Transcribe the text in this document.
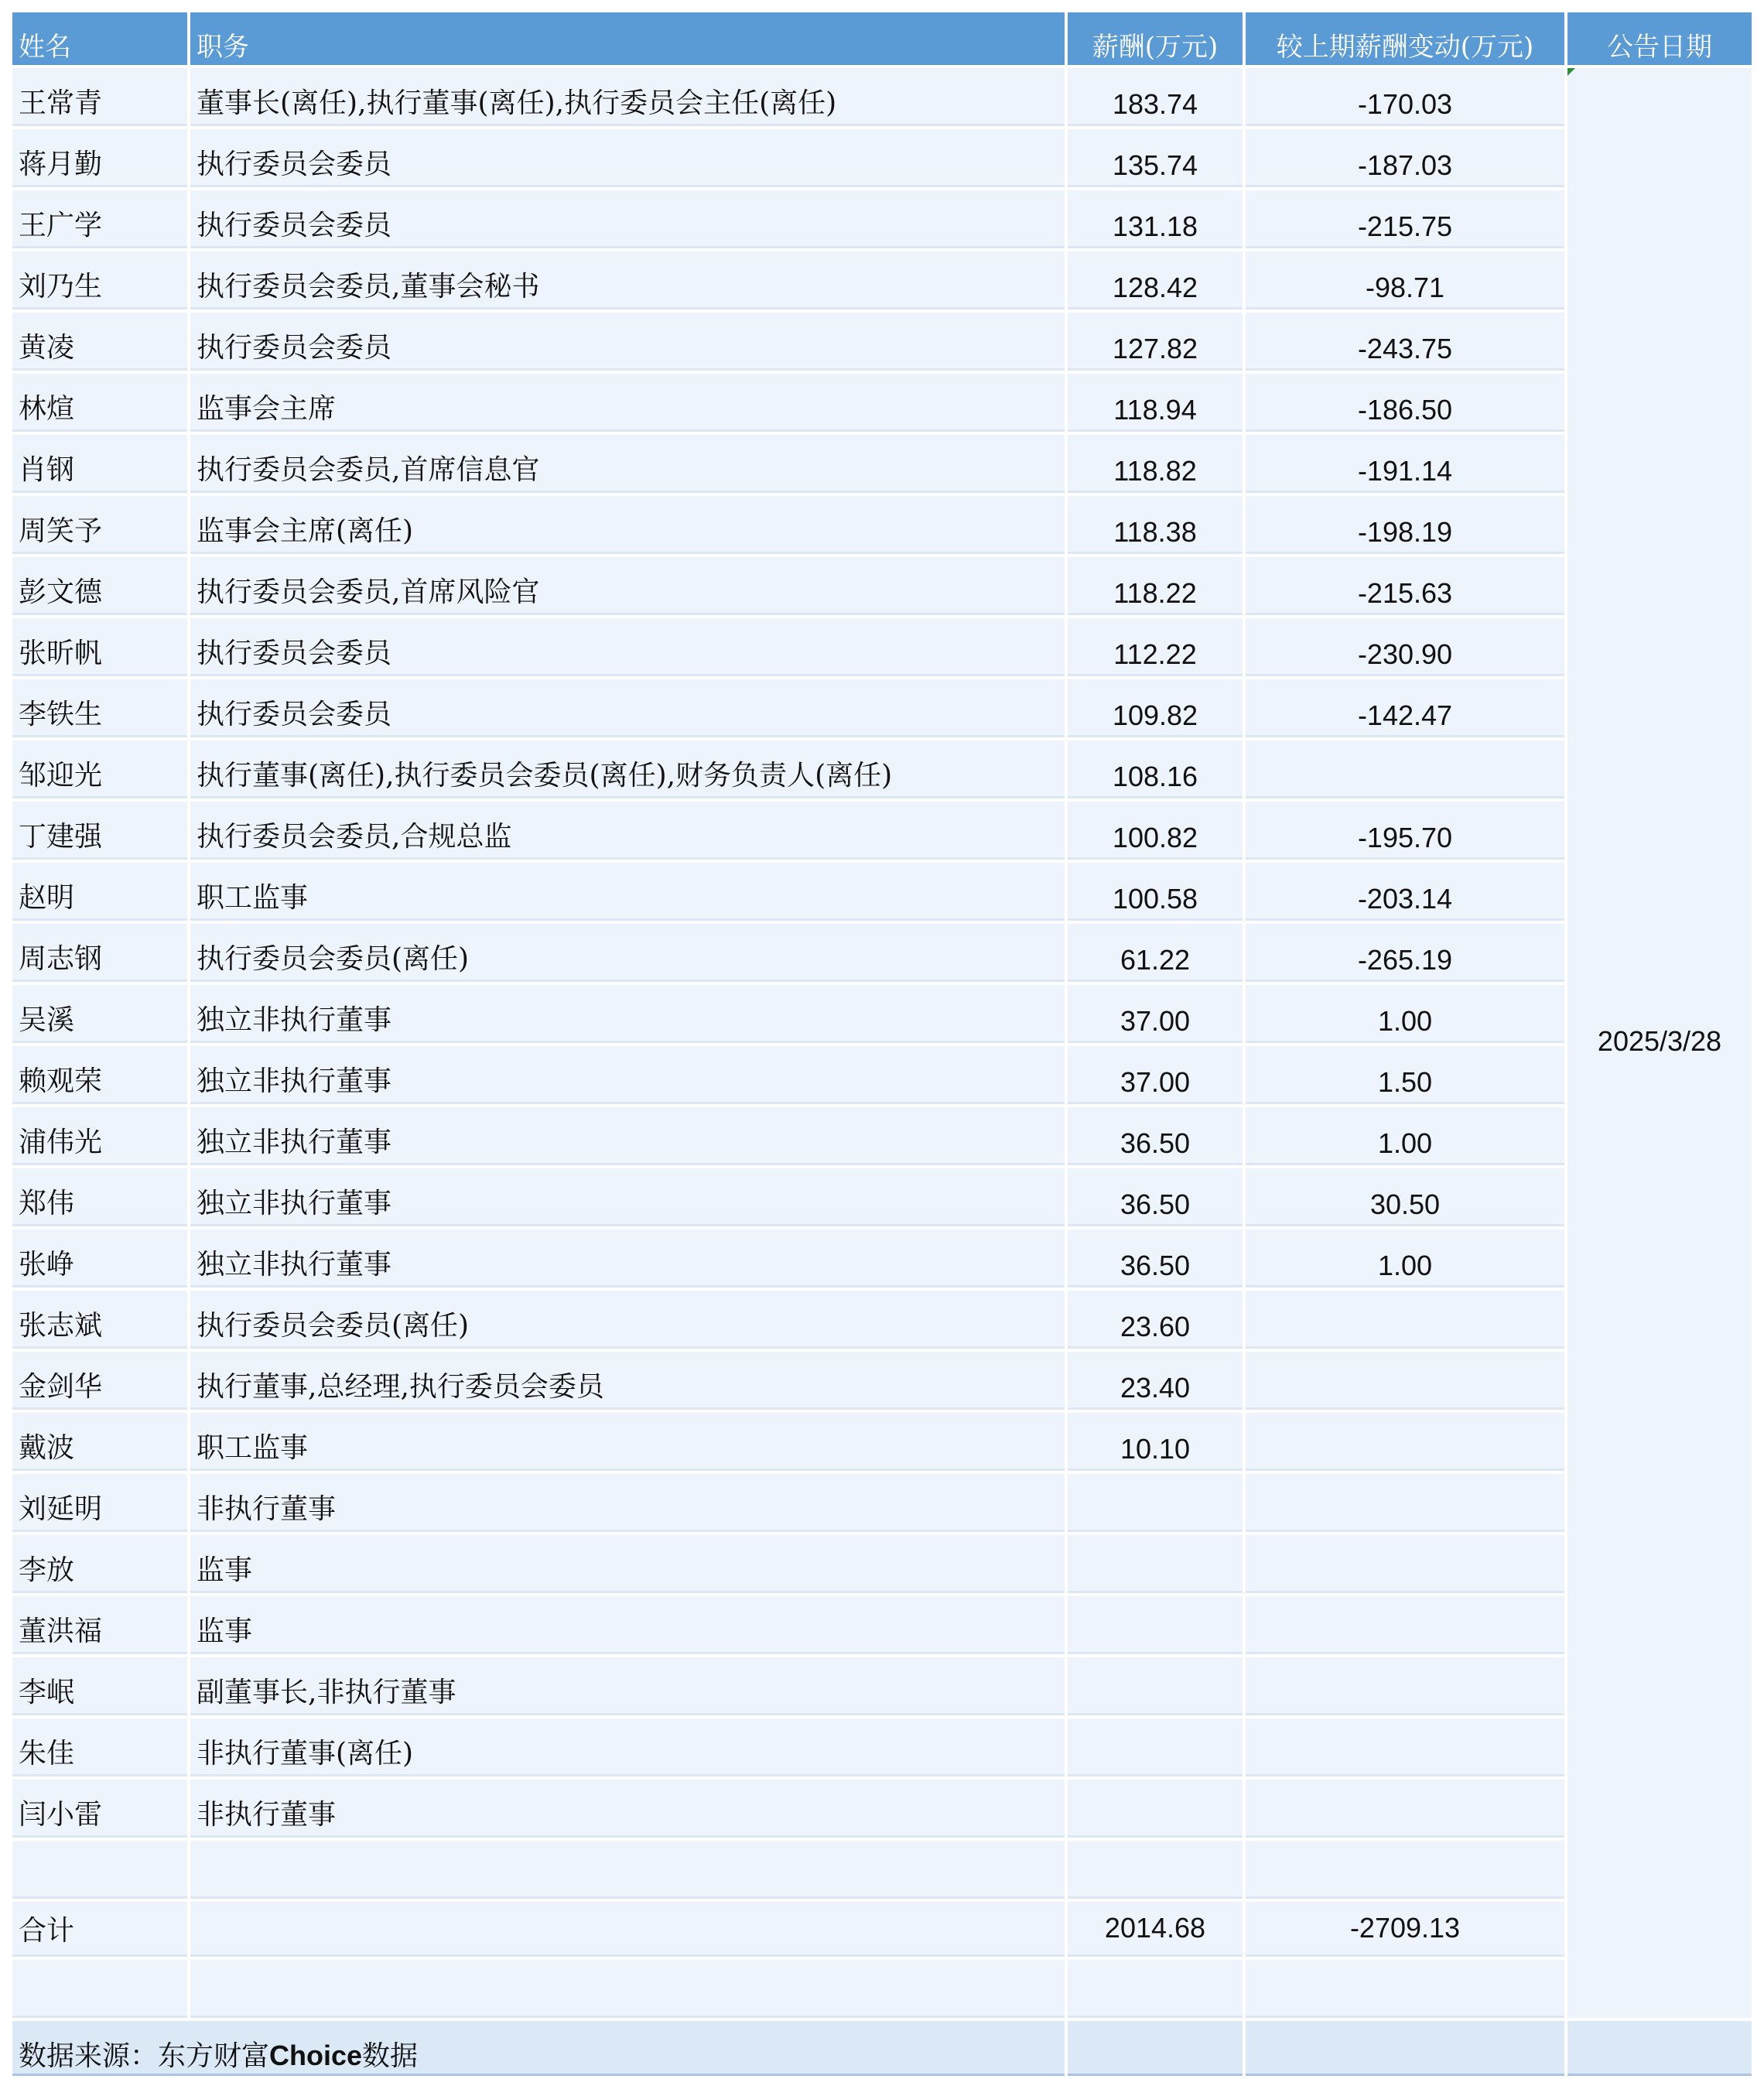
姓名	职务	薪酬(万元)	较上期薪酬变动(万元)	公告日期
王常青	董事长(离任),执行董事(离任),执行委员会主任(离任)	183.74	-170.03	2025/3/28
蒋月勤	执行委员会委员	135.74	-187.03	
王广学	执行委员会委员	131.18	-215.75	
刘乃生	执行委员会委员,董事会秘书	128.42	-98.71	
黄凌	执行委员会委员	127.82	-243.75	
林煊	监事会主席	118.94	-186.50	
肖钢	执行委员会委员,首席信息官	118.82	-191.14	
周笑予	监事会主席(离任)	118.38	-198.19	
彭文德	执行委员会委员,首席风险官	118.22	-215.63	
张昕帆	执行委员会委员	112.22	-230.90	
李铁生	执行委员会委员	109.82	-142.47	
邹迎光	执行董事(离任),执行委员会委员(离任),财务负责人(离任)	108.16		
丁建强	执行委员会委员,合规总监	100.82	-195.70	
赵明	职工监事	100.58	-203.14	
周志钢	执行委员会委员(离任)	61.22	-265.19	
吴溪	独立非执行董事	37.00	1.00	
赖观荣	独立非执行董事	37.00	1.50	
浦伟光	独立非执行董事	36.50	1.00	
郑伟	独立非执行董事	36.50	30.50	
张峥	独立非执行董事	36.50	1.00	
张志斌	执行委员会委员(离任)	23.60		
金剑华	执行董事,总经理,执行委员会委员	23.40		
戴波	职工监事	10.10		
刘延明	非执行董事			
李放	监事			
董洪福	监事			
李岷	副董事长,非执行董事			
朱佳	非执行董事(离任)			
闫小雷	非执行董事			

合计		2014.68	-2709.13	

数据来源：东方财富Choice数据				
